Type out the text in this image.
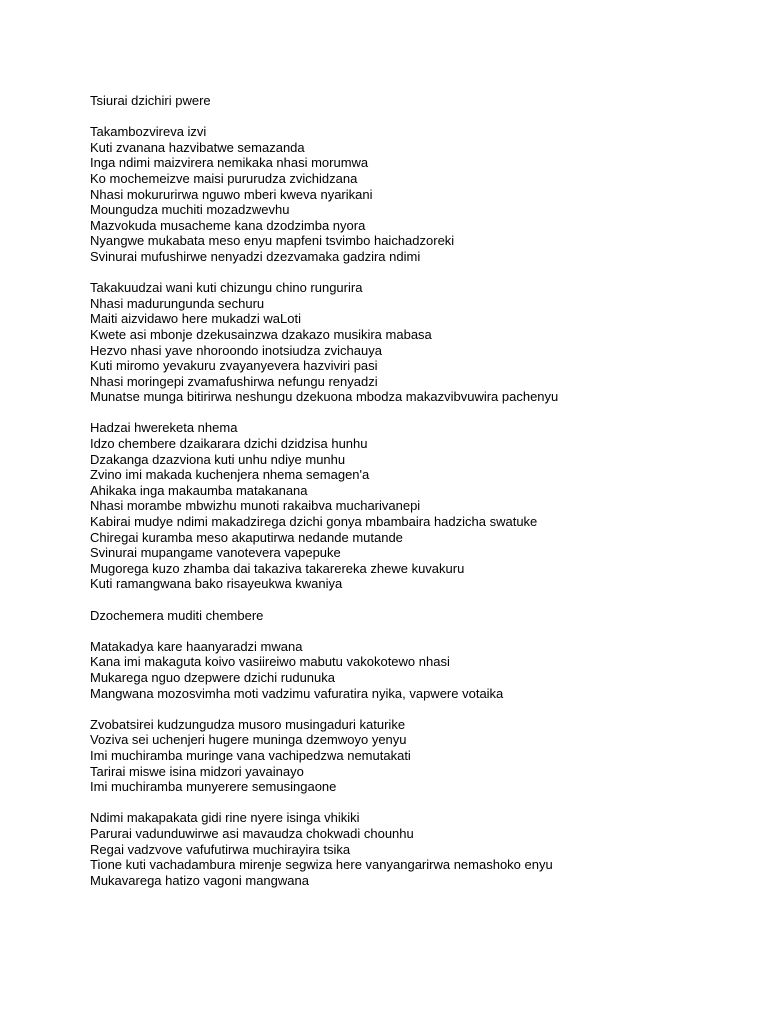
Tsiurai dzichiri pwere
Takambozvireva izvi
Kuti zvanana hazvibatwe semazanda
Inga ndimi maizvirera nemikaka nhasi morumwa
Ko mochemeizve maisi pururudza zvichidzana
Nhasi mokururirwa nguwo mberi kweva nyarikani
Moungudza muchiti mozadzwevhu
Mazvokuda musacheme kana dzodzimba nyora
Nyangwe mukabata meso enyu mapfeni tsvimbo haichadzoreki
Svinurai mufushirwe nenyadzi dzezvamaka gadzira ndimi
Takakuudzai wani kuti chizungu chino rungurira
Nhasi madurungunda sechuru
Maiti aizvidawo here mukadzi waLoti
Kwete asi mbonje dzekusainzwa dzakazo musikira mabasa
Hezvo nhasi yave nhoroondo inotsiudza zvichauya
Kuti miromo yevakuru zvayanyevera hazviviri pasi
Nhasi moringepi zvamafushirwa nefungu renyadzi
Munatse munga bitirirwa neshungu dzekuona mbodza makazvibvuwira pachenyu
Hadzai hwereketa nhema
Idzo chembere dzaikarara dzichi dzidzisa hunhu
Dzakanga dzazviona kuti unhu ndiye munhu
Zvino imi makada kuchenjera nhema semagen'a
Ahikaka inga makaumba matakanana
Nhasi morambe mbwizhu munoti rakaibva mucharivanepi
Kabirai mudye ndimi makadzirega dzichi gonya mbambaira hadzicha swatuke
Chiregai kuramba meso akaputirwa nedande mutande
Svinurai mupangame vanotevera vapepuke
Mugorega kuzo zhamba dai takaziva takarereka zhewe kuvakuru
Kuti ramangwana bako risayeukwa kwaniya
Dzochemera muditi chembere
Matakadya kare haanyaradzi mwana
Kana imi makaguta koivo vasiireiwo mabutu vakokotewo nhasi
Mukarega nguo dzepwere dzichi rudunuka
Mangwana mozosvimha moti vadzimu vafuratira nyika, vapwere votaika
Zvobatsirei kudzungudza musoro musingaduri katurike
Voziva sei uchenjeri hugere muninga dzemwoyo yenyu
Imi muchiramba muringe vana vachipedzwa nemutakati
Tarirai miswe isina midzori yavainayo
Imi muchiramba munyerere semusingaone
Ndimi makapakata gidi rine nyere isinga vhikiki
Parurai vadunduwirwe asi mavaudza chokwadi chounhu
Regai vadzvove vafufutirwa muchirayira tsika
Tione kuti vachadambura mirenje segwiza here vanyangarirwa nemashoko enyu
Mukavarega hatizo vagoni mangwana
